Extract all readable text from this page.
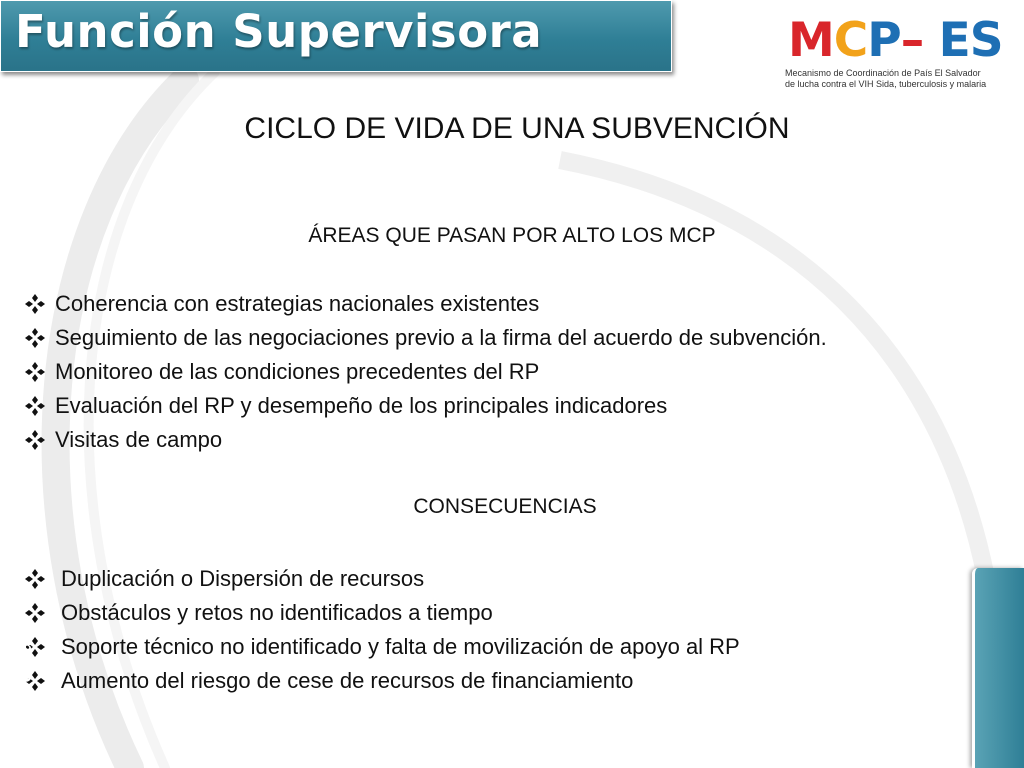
Función Supervisora	MCP– ES
Mecanismo de Coordinación de País El Salvador
de lucha contra el VIH Sida, tuberculosis y malaria
CICLO DE VIDA DE UNA SUBVENCIÓN
ÁREAS QUE PASAN POR ALTO LOS MCP
Coherencia con estrategias nacionales existentes
Seguimiento de las negociaciones previo a la firma del acuerdo de subvención.
Monitoreo de las condiciones precedentes del RP
Evaluación del RP y desempeño de los principales indicadores
Visitas de campo
CONSECUENCIAS
Duplicación o Dispersión de recursos
Obstáculos y retos no identificados a tiempo
Soporte técnico no identificado y falta de movilización de apoyo al RP
Aumento del riesgo de cese de recursos de financiamiento
4° Jornada
